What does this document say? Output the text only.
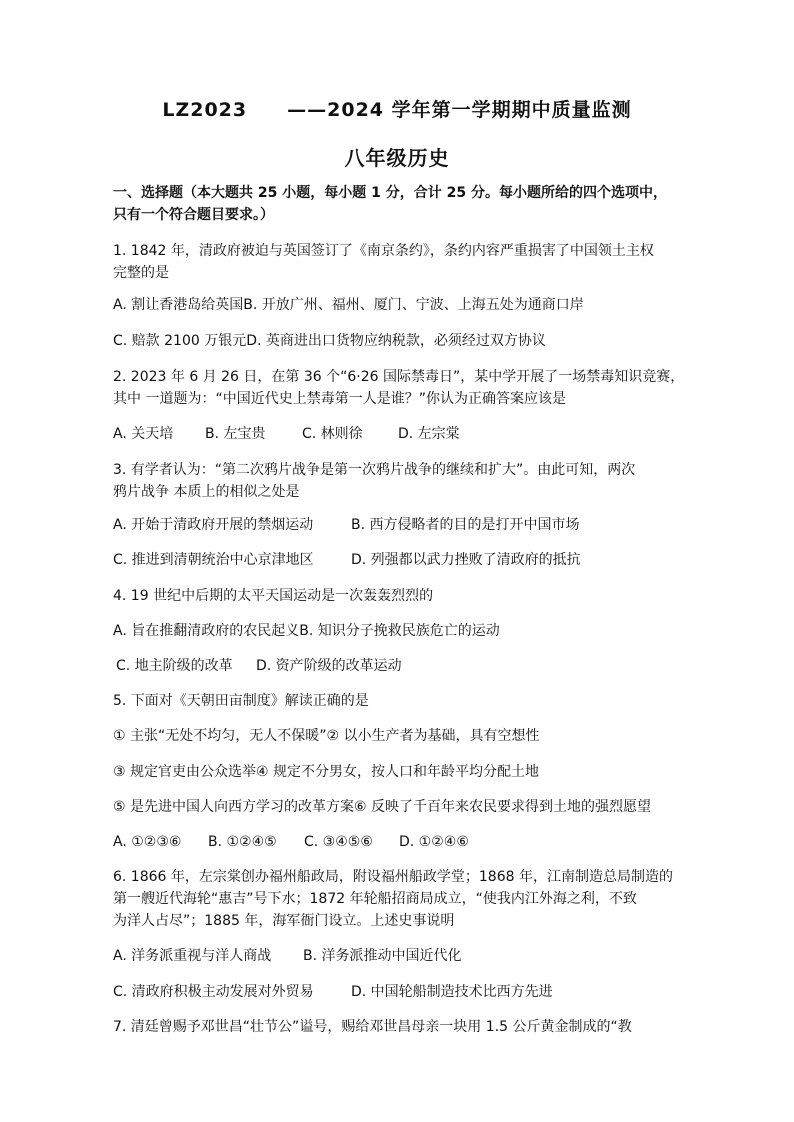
LZ2023 ——2024 学年第一学期期中质量监测
八年级历史
一、选择题（本大题共 25 小题，每小题 1 分，合计 25 分。每小题所给的四个选项中，
只有一个符合题目要求。）
1. 1842 年，清政府被迫与英国签订了《南京条约》，条约内容严重损害了中国领土主权
完整的是
A. 割让香港岛给英国B. 开放广州、福州、厦门、宁波、上海五处为通商口岸
C. 赔款 2100 万银元D. 英商进出口货物应纳税款，必须经过双方协议
2. 2023 年 6 月 26 日，在第 36 个“6·26 国际禁毒日”，某中学开展了一场禁毒知识竞赛，
其中 一道题为：“中国近代史上禁毒第一人是谁？”你认为正确答案应该是
A. 关天培 B. 左宝贵	C. 林则徐	D. 左宗棠
3. 有学者认为：“第二次鸦片战争是第一次鸦片战争的继续和扩大”。由此可知，两次
鸦片战争 本质上的相似之处是
A. 开始于清政府开展的禁烟运动	B. 西方侵略者的目的是打开中国市场
C. 推进到清朝统治中心京津地区	D. 列强都以武力挫败了清政府的抵抗
4. 19 世纪中后期的太平天国运动是一次轰轰烈烈的
A. 旨在推翻清政府的农民起义B. 知识分子挽救民族危亡的运动
C. 地主阶级的改革 D. 资产阶级的改革运动
5. 下面对《天朝田亩制度》解读正确的是
① 主张“无处不均匀，无人不保暖”② 以小生产者为基础，具有空想性
③ 规定官吏由公众选举④ 规定不分男女，按人口和年龄平均分配土地
⑤ 是先进中国人向西方学习的改革方案⑥ 反映了千百年来农民要求得到土地的强烈愿望
A. ①②③⑥ B. ①②④⑤ C. ③④⑤⑥ D. ①②④⑥
6. 1866 年，左宗棠创办福州船政局，附设福州船政学堂；1868 年，江南制造总局制造的
第一艘近代海轮“惠吉”号下水；1872 年轮船招商局成立，“使我内江外海之利，不致
为洋人占尽”；1885 年，海军衙门设立。上述史事说明
A. 洋务派重视与洋人商战 B. 洋务派推动中国近代化
C. 清政府积极主动发展对外贸易	D. 中国轮船制造技术比西方先进
7. 清廷曾赐予邓世昌“壮节公”谥号，赐给邓世昌母亲一块用 1.5 公斤黄金制成的“教
